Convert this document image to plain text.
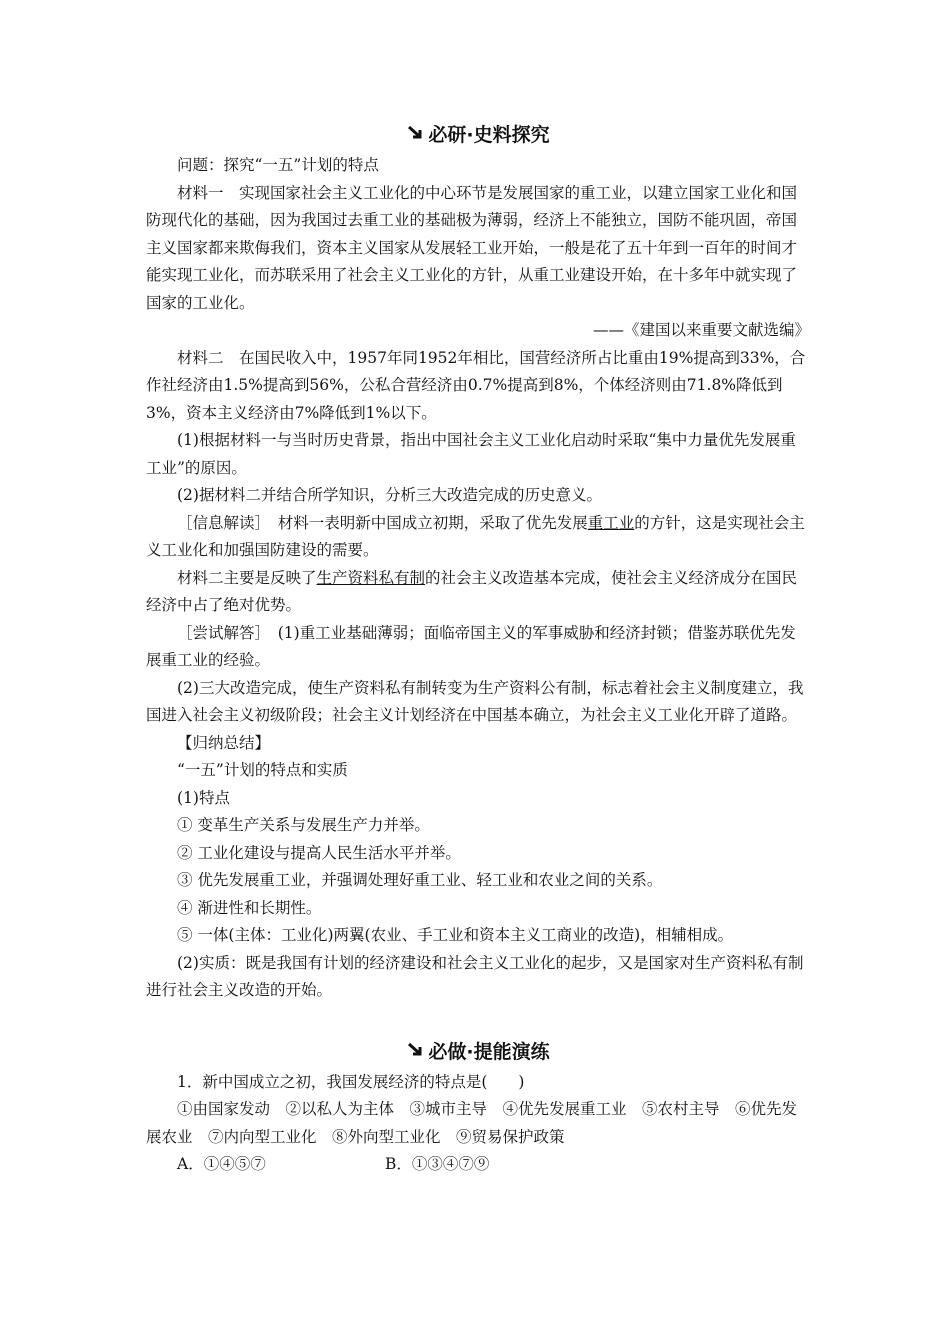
必研·史料探究

问题：探究“一五”计划的特点

材料一　实现国家社会主义工业化的中心环节是发展国家的重工业，以建立国家工业化和国防现代化的基础，因为我国过去重工业的基础极为薄弱，经济上不能独立，国防不能巩固，帝国主义国家都来欺侮我们，资本主义国家从发展轻工业开始，一般是花了五十年到一百年的时间才能实现工业化，而苏联采用了社会主义工业化的方针，从重工业建设开始，在十多年中就实现了国家的工业化。

——《建国以来重要文献选编》

材料二　在国民收入中，1957年同1952年相比，国营经济所占比重由19%提高到33%，合作社经济由1.5%提高到56%，公私合营经济由0.7%提高到8%，个体经济则由71.8%降低到3%，资本主义经济由7%降低到1%以下。

(1)根据材料一与当时历史背景，指出中国社会主义工业化启动时采取“集中力量优先发展重工业”的原因。

(2)据材料二并结合所学知识，分析三大改造完成的历史意义。

［信息解读］　材料一表明新中国成立初期，采取了优先发展重工业的方针，这是实现社会主义工业化和加强国防建设的需要。

材料二主要是反映了生产资料私有制的社会主义改造基本完成，使社会主义经济成分在国民经济中占了绝对优势。

［尝试解答］　(1)重工业基础薄弱；面临帝国主义的军事威胁和经济封锁；借鉴苏联优先发展重工业的经验。

(2)三大改造完成，使生产资料私有制转变为生产资料公有制，标志着社会主义制度建立，我国进入社会主义初级阶段；社会主义计划经济在中国基本确立，为社会主义工业化开辟了道路。

【归纳总结】

“一五”计划的特点和实质

(1)特点

① 变革生产关系与发展生产力并举。

② 工业化建设与提高人民生活水平并举。

③ 优先发展重工业，并强调处理好重工业、轻工业和农业之间的关系。

④ 渐进性和长期性。

⑤ 一体(主体：工业化)两翼(农业、手工业和资本主义工商业的改造)，相辅相成。

(2)实质：既是我国有计划的经济建设和社会主义工业化的起步，又是国家对生产资料私有制进行社会主义改造的开始。

必做·提能演练

1．新中国成立之初，我国发展经济的特点是(　　)

①由国家发动　②以私人为主体　③城市主导　④优先发展重工业　⑤农村主导　⑥优先发展农业　⑦内向型工业化　⑧外向型工业化　⑨贸易保护政策

A．①④⑤⑦	B．①③④⑦⑨
